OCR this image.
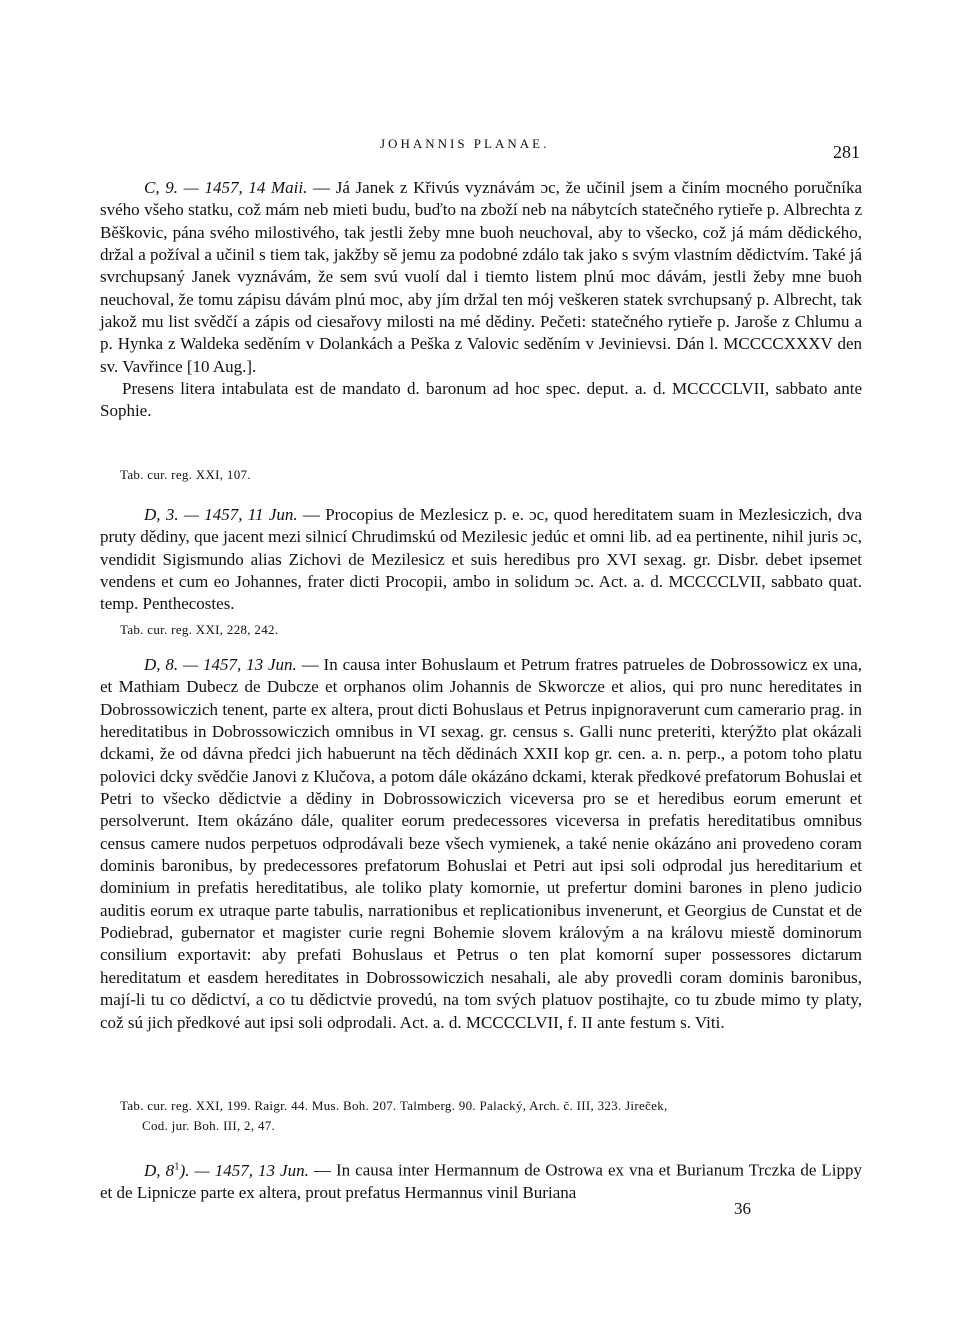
JOHANNIS PLANAE.	281

C, 9. — 1457, 14 Maii. — Já Janek z Křivús vyznávám ɔc, že učinil jsem a činím mocného poručníka svého všeho statku, což mám neb mieti budu, buďto na zboží neb na nábytcích statečného rytieře p. Albrechta z Běškovic, pána svého milostivého, tak jestli žeby mne buoh neuchoval, aby to všecko, což já mám dědického, držal a požíval a učinil s tiem tak, jakžby sě jemu za podobné zdálo tak jako s svým vlastním dědictvím. Také já svrchupsaný Janek vyznávám, že sem svú vuolí dal i tiemto listem plnú moc dávám, jestli žeby mne buoh neuchoval, že tomu zápisu dávám plnú moc, aby jím držal ten mój veškeren statek svrchupsaný p. Albrecht, tak jakož mu list svědčí a zápis od ciesařovy milosti na mé dědiny. Pečeti: statečného rytieře p. Jaroše z Chlumu a p. Hynka z Waldeka seděním v Dolankách a Peška z Valovic seděním v Jevinievsi. Dán l. MCCCCXXXV den sv. Vavřince [10 Aug.].

Presens litera intabulata est de mandato d. baronum ad hoc spec. deput. a. d. MCCCCLVII, sabbato ante Sophie.

Tab. cur. reg. XXI, 107.

D, 3. — 1457, 11 Jun. — Procopius de Mezlesicz p. e. ɔc, quod hereditatem suam in Mezlesiczich, dva pruty dědiny, que jacent mezi silnicí Chrudimskú od Mezilesic jedúc et omni lib. ad ea pertinente, nihil juris ɔc, vendidit Sigismundo alias Zichovi de Mezilesicz et suis heredibus pro XVI sexag. gr. Disbr. debet ipsemet vendens et cum eo Johannes, frater dicti Procopii, ambo in solidum ɔc. Act. a. d. MCCCCLVII, sabbato quat. temp. Penthecostes.

Tab. cur. reg. XXI, 228, 242.

D, 8. — 1457, 13 Jun. — In causa inter Bohuslaum et Petrum fratres patrueles de Dobrossowicz ex una, et Mathiam Dubecz de Dubcze et orphanos olim Johannis de Skworcze et alios, qui pro nunc hereditates in Dobrossowiczich tenent, parte ex altera, prout dicti Bohuslaus et Petrus inpignoraverunt cum camerario prag. in hereditatibus in Dobrossowiczich omnibus in VI sexag. gr. census s. Galli nunc preteriti, kterýžto plat okázali dckami, že od dávna předci jich habuerunt na těch dědinách XXII kop gr. cen. a. n. perp., a potom toho platu polovici dcky svědčie Janovi z Klučova, a potom dále okázáno dckami, kterak předkové prefatorum Bohuslai et Petri to všecko dědictvie a dědiny in Dobrossowiczich viceversa pro se et heredibus eorum emerunt et persolverunt. Item okázáno dále, qualiter eorum predecessores viceversa in prefatis hereditatibus omnibus census camere nudos perpetuos odprodávali beze všech vymienek, a také nenie okázáno ani provedeno coram dominis baronibus, by predecessores prefatorum Bohuslai et Petri aut ipsi soli odprodal jus hereditarium et dominium in prefatis hereditatibus, ale toliko platy komornie, ut prefertur domini barones in pleno judicio auditis eorum ex utraque parte tabulis, narrationibus et replicationibus invenerunt, et Georgius de Cunstat et de Podiebrad, gubernator et magister curie regni Bohemie slovem královým a na královu miestě dominorum consilium exportavit: aby prefati Bohuslaus et Petrus o ten plat komorní super possessores dictarum hereditatum et easdem hereditates in Dobrossowiczich nesahali, ale aby provedli coram dominis baronibus, mají-li tu co dědictví, a co tu dědictvie provedú, na tom svých platuov postihajte, co tu zbude mimo ty platy, což sú jich předkové aut ipsi soli odprodali. Act. a. d. MCCCCLVII, f. II ante festum s. Viti.

Tab. cur. reg. XXI, 199. Raigr. 44. Mus. Boh. 207. Talmberg. 90. Palacký, Arch. č. III, 323. Jireček,
Cod. jur. Boh. III, 2, 47.

D, $8^1$). — 1457, 13 Jun. — In causa inter Hermannum de Ostrowa ex vna et Burianum Trczka de Lippy et de Lipnicze parte ex altera, prout prefatus Hermannus vinil Buriana

36
